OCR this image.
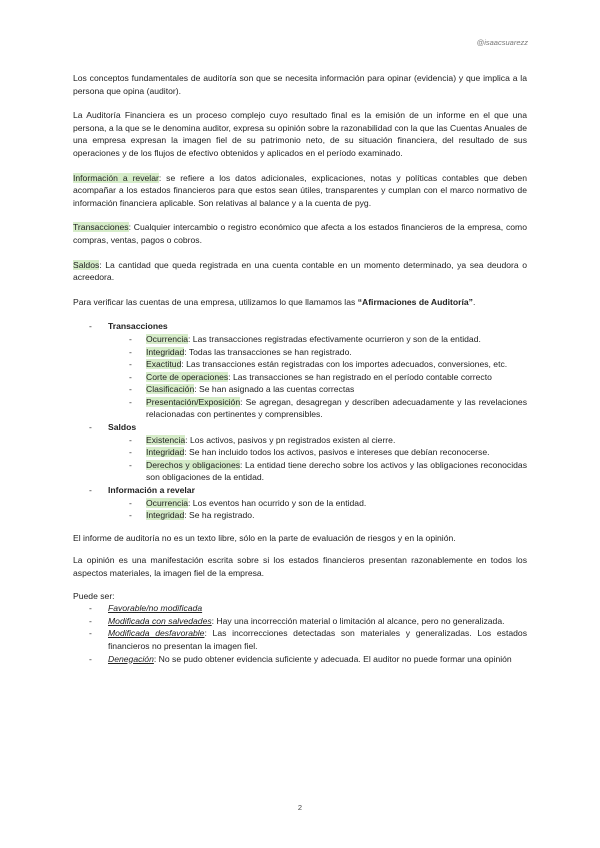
@isaacsuarezz

Los conceptos fundamentales de auditoría son que se necesita información para opinar (evidencia) y que implica a la persona que opina (auditor).

La Auditoría Financiera es un proceso complejo cuyo resultado final es la emisión de un informe en el que una persona, a la que se le denomina auditor, expresa su opinión sobre la razonabilidad con la que las Cuentas Anuales de una empresa expresan la imagen fiel de su patrimonio neto, de su situación financiera, del resultado de sus operaciones y de los flujos de efectivo obtenidos y aplicados en el período examinado.

Información a revelar: se refiere a los datos adicionales, explicaciones, notas y políticas contables que deben acompañar a los estados financieros para que estos sean útiles, transparentes y cumplan con el marco normativo de información financiera aplicable. Son relativas al balance y a la cuenta de pyg.

Transacciones: Cualquier intercambio o registro económico que afecta a los estados financieros de la empresa, como compras, ventas, pagos o cobros.

Saldos: La cantidad que queda registrada en una cuenta contable en un momento determinado, ya sea deudora o acreedora.

Para verificar las cuentas de una empresa, utilizamos lo que llamamos las “Afirmaciones de Auditoría”.

- Transacciones
- Ocurrencia: Las transacciones registradas efectivamente ocurrieron y son de la entidad.
- Integridad: Todas las transacciones se han registrado.
- Exactitud: Las transacciones están registradas con los importes adecuados, conversiones, etc.
- Corte de operaciones: Las transacciones se han registrado en el período contable correcto
- Clasificación: Se han asignado a las cuentas correctas
- Presentación/Exposición: Se agregan, desagregan y describen adecuadamente y las revelaciones relacionadas con pertinentes y comprensibles.
- Saldos
- Existencia: Los activos, pasivos y pn registrados existen al cierre.
- Integridad: Se han incluido todos los activos, pasivos e intereses que debían reconocerse.
- Derechos y obligaciones: La entidad tiene derecho sobre los activos y las obligaciones reconocidas son obligaciones de la entidad.
- Información a revelar
- Ocurrencia: Los eventos han ocurrido y son de la entidad.
- Integridad: Se ha registrado.

El informe de auditoría no es un texto libre, sólo en la parte de evaluación de riesgos y en la opinión.

La opinión es una manifestación escrita sobre si los estados financieros presentan razonablemente en todos los aspectos materiales, la imagen fiel de la empresa.

Puede ser:

- Favorable/no modificada
- Modificada con salvedades: Hay una incorrección material o limitación al alcance, pero no generalizada.
- Modificada desfavorable: Las incorrecciones detectadas son materiales y generalizadas. Los estados financieros no presentan la imagen fiel.
- Denegación: No se pudo obtener evidencia suficiente y adecuada. El auditor no puede formar una opinión
2
